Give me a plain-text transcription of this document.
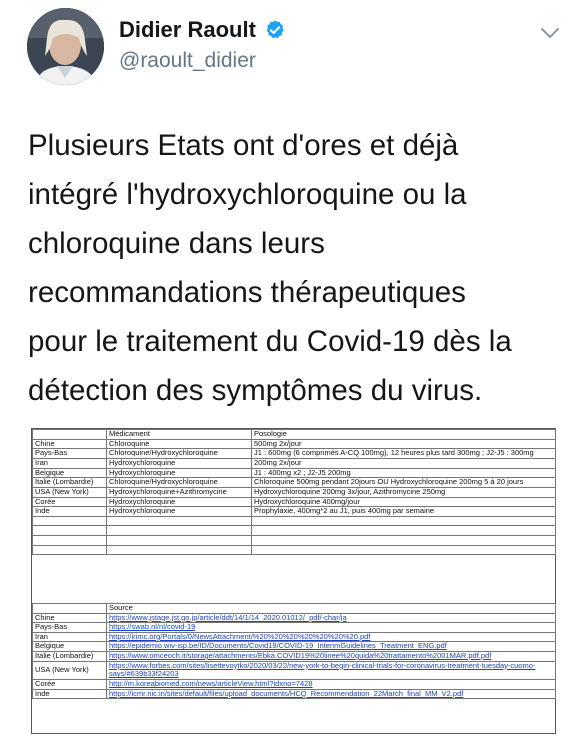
Didier Raoult
@raoult_didier
Plusieurs Etats ont d'ores et déjà
intégré l'hydroxychloroquine ou la
chloroquine dans leurs
recommandations thérapeutiques
pour le traitement du Covid-19 dès la
détection des symptômes du virus.
	Médicament	Posologie
Chine	Chloroquine	500mg 2x/jour
Pays-Bas	Chloroquine/Hydroxychloroquine	J1 : 600mg (6 comprimés A-CQ 100mg), 12 heures plus tard 300mg ; J2-J5 : 300mg
Iran	Hydroxychloroquine	200mg 2x/jour
Belgique	Hydroxychloroquine	J1 : 400mg x2 ; J2-J5 200mg
Italie (Lombardie)	Chloroquine/Hydroxychloroquine	Chloroquine 500mg pendant 20jours OU Hydroxychloroquine 200mg 5 à 20 jours
USA (New York)	Hydroxychloroquine+Azithromycine	Hydroxychloroquine 200mg 3x/jour, Azithromycine 250mg
Corée	Hydroxychloroquine	Hydroxychloroquine 400mg/jour
Inde	Hydroxychloroquine	Prophylaxie, 400mg*2 au J1, puis 400mg par semaine

	Source
Chine	https://www.jstage.jst.go.jp/article/ddt/14/1/14_2020.01012/_pdf/-char/ja
Pays-Bas	https://swab.nl/nl/covid-19
Iran	https://irimc.org/Portals/0/NewsAttachment/%20%20%20%20%20%20%20.pdf
Belgique	https://epidemio.wiv-isp.be/ID/Documents/Covid19/COVID-19_InterimGuidelines_Treatment_ENG.pdf
Italie (Lombardie)	https://www.omceoch.it/storage/attachments/Ebka.COVID19%20linee%20guida%20trattamento%2001MAR.pdf.pdf
USA (New York)	https://www.forbes.com/sites/lisettevoytko/2020/03/22/new-york-to-begin-clinical-trials-for-coronavirus-treatment-tuesday-cuomo-says/#639b33f24203
Corée	http://m.koreabiomed.com/news/articleView.html?idxno=7428
Inde	https://icmr.nic.in/sites/default/files/upload_documents/HCQ_Recommendation_22March_final_MM_V2.pdf
